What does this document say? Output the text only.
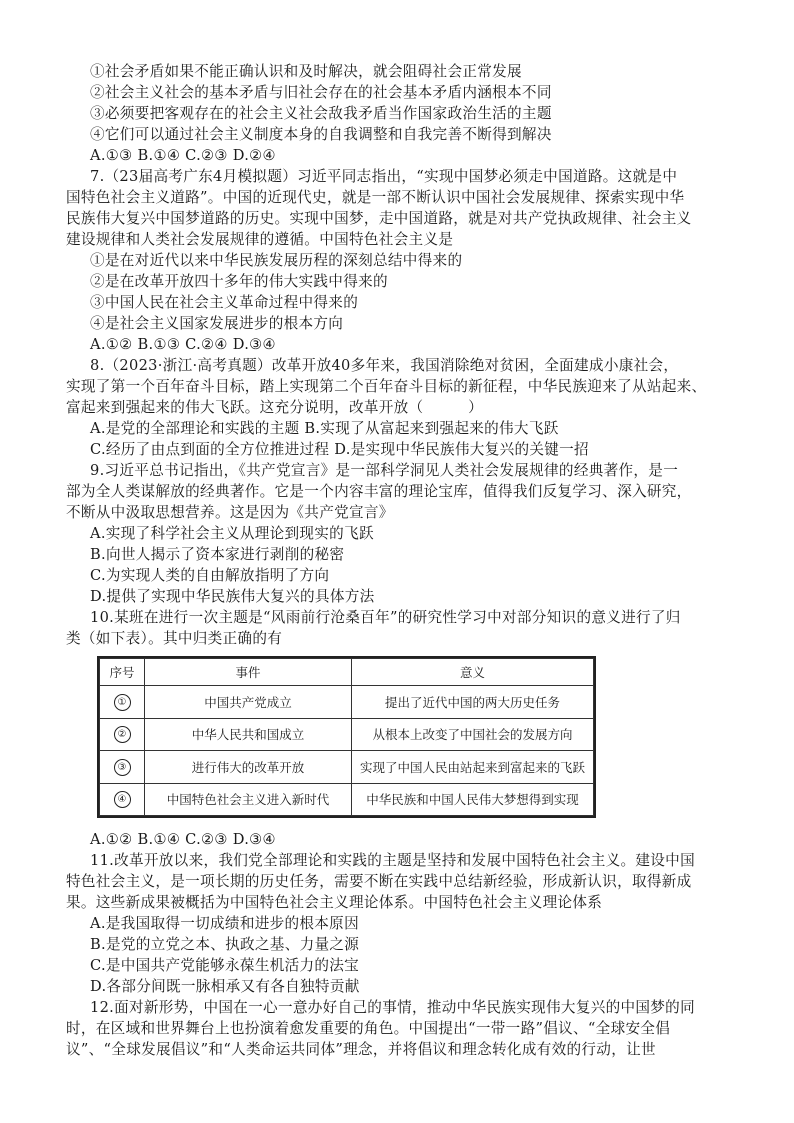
①社会矛盾如果不能正确认识和及时解决，就会阻碍社会正常发展
②社会主义社会的基本矛盾与旧社会存在的社会基本矛盾内涵根本不同
③必须要把客观存在的社会主义社会敌我矛盾当作国家政治生活的主题
④它们可以通过社会主义制度本身的自我调整和自我完善不断得到解决
A.①③ B.①④ C.②③ D.②④
7.（23届高考广东4月模拟题）习近平同志指出，“实现中国梦必须走中国道路。这就是中
国特色社会主义道路”。中国的近现代史，就是一部不断认识中国社会发展规律、探索实现中华
民族伟大复兴中国梦道路的历史。实现中国梦，走中国道路，就是对共产党执政规律、社会主义
建设规律和人类社会发展规律的遵循。中国特色社会主义是
①是在对近代以来中华民族发展历程的深刻总结中得来的
②是在改革开放四十多年的伟大实践中得来的
③中国人民在社会主义革命过程中得来的
④是社会主义国家发展进步的根本方向
A.①② B.①③ C.②④ D.③④
8.（2023·浙江·高考真题）改革开放40多年来，我国消除绝对贫困，全面建成小康社会，
实现了第一个百年奋斗目标，踏上实现第二个百年奋斗目标的新征程，中华民族迎来了从站起来、
富起来到强起来的伟大飞跃。这充分说明，改革开放（　　　）
A.是党的全部理论和实践的主题 B.实现了从富起来到强起来的伟大飞跃
C.经历了由点到面的全方位推进过程 D.是实现中华民族伟大复兴的关键一招
9.习近平总书记指出，《共产党宣言》是一部科学洞见人类社会发展规律的经典著作，是一
部为全人类谋解放的经典著作。它是一个内容丰富的理论宝库，值得我们反复学习、深入研究，
不断从中汲取思想营养。这是因为《共产党宣言》
A.实现了科学社会主义从理论到现实的飞跃
B.向世人揭示了资本家进行剥削的秘密
C.为实现人类的自由解放指明了方向
D.提供了实现中华民族伟大复兴的具体方法
10.某班在进行一次主题是“风雨前行沧桑百年”的研究性学习中对部分知识的意义进行了归
类（如下表）。其中归类正确的有
序号	事件	意义
①	中国共产党成立	提出了近代中国的两大历史任务
②	中华人民共和国成立	从根本上改变了中国社会的发展方向
③	进行伟大的改革开放	实现了中国人民由站起来到富起来的飞跃
④	中国特色社会主义进入新时代	中华民族和中国人民伟大梦想得到实现
A.①② B.①④ C.②③ D.③④
11.改革开放以来，我们党全部理论和实践的主题是坚持和发展中国特色社会主义。建设中国
特色社会主义，是一项长期的历史任务，需要不断在实践中总结新经验，形成新认识，取得新成
果。这些新成果被概括为中国特色社会主义理论体系。中国特色社会主义理论体系
A.是我国取得一切成绩和进步的根本原因
B.是党的立党之本、执政之基、力量之源
C.是中国共产党能够永葆生机活力的法宝
D.各部分间既一脉相承又有各自独特贡献
12.面对新形势，中国在一心一意办好自己的事情，推动中华民族实现伟大复兴的中国梦的同
时，在区域和世界舞台上也扮演着愈发重要的角色。中国提出“一带一路”倡议、“全球安全倡
议”、“全球发展倡议”和“人类命运共同体”理念，并将倡议和理念转化成有效的行动，让世
